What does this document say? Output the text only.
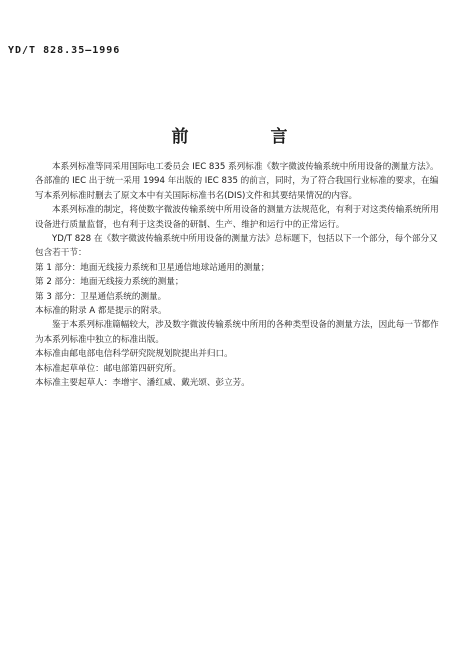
YD/T 828.35—1996
前 言

本系列标准等同采用国际电工委员会 IEC 835 系列标准《数字微波传输系统中所用设备的测量方法》。各部准的 IEC 出于统一采用 1994 年出版的 IEC 835 的前言，同时，为了符合我国行业标准的要求，在编写本系列标准时删去了原文本中有关国际标准书名(DIS)文件和其要结果情况的内容。

本系列标准的制定，将使数字微波传输系统中所用设备的测量方法规范化，有利于对这类传输系统所用设备进行质量监督，也有利于这类设备的研制、生产、维护和运行中的正常运行。

YD/T 828 在《数字微波传输系统中所用设备的测量方法》总标题下，包括以下一个部分，每个部分又包含若干节：

第 1 部分：地面无线接力系统和卫星通信地球站通用的测量；

第 2 部分：地面无线接力系统的测量；

第 3 部分：卫星通信系统的测量。

本标准的附录 A 都是提示的附录。

鉴于本系列标准篇幅较大，涉及数字微波传输系统中所用的各种类型设备的测量方法，因此每一节都作为本系列标准中独立的标准出版。

本标准由邮电部电信科学研究院规划院提出并归口。

本标准起草单位：邮电部第四研究所。

本标准主要起草人：李增宇、潘红威、戴光颂、彭立芳。
